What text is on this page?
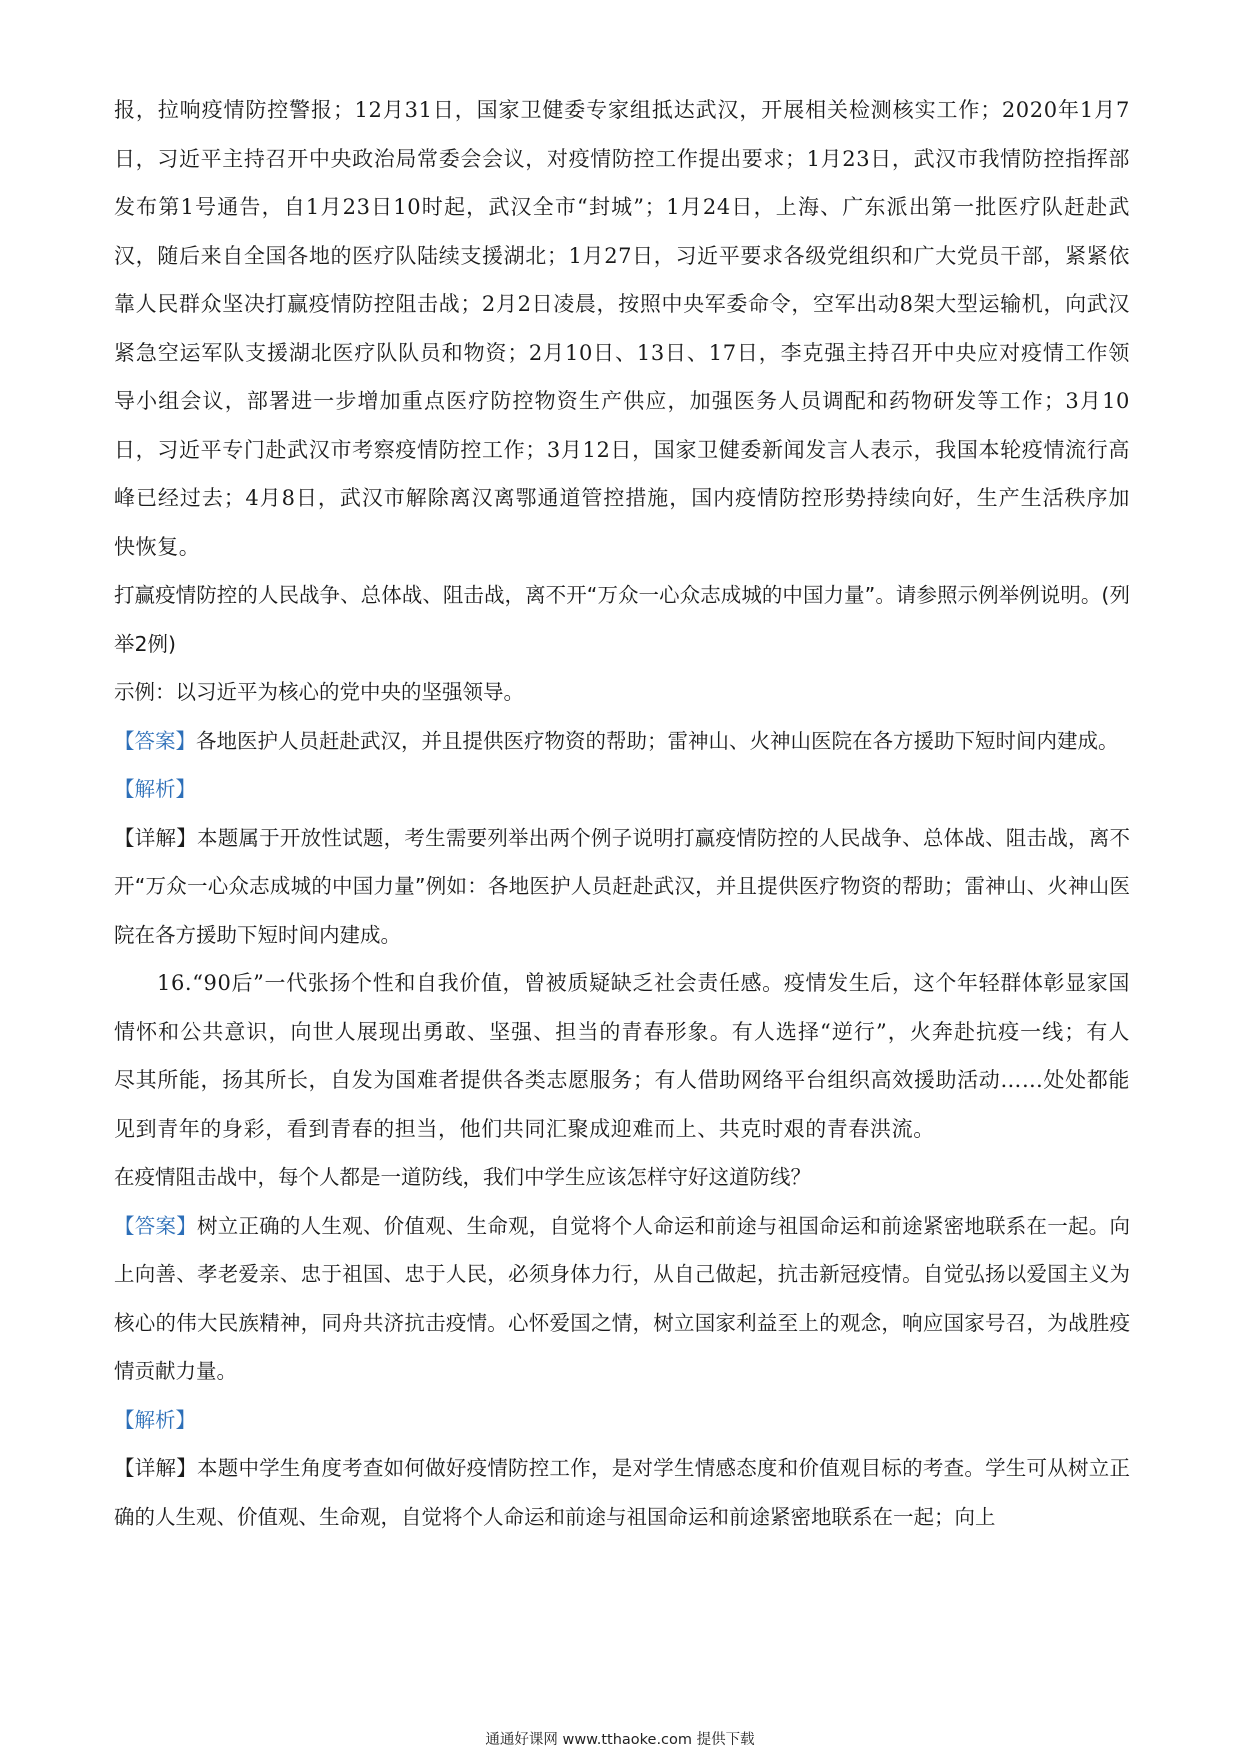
报，拉响疫情防控警报；12月31日，国家卫健委专家组抵达武汉，开展相关检测核实工作；2020年1月7日，习近平主持召开中央政治局常委会会议，对疫情防控工作提出要求；1月23日，武汉市我情防控指挥部发布第1号通告，自1月23日10时起，武汉全市“封城”；1月24日，上海、广东派出第一批医疗队赶赴武汉，随后来自全国各地的医疗队陆续支援湖北；1月27日，习近平要求各级党组织和广大党员干部，紧紧依靠人民群众坚决打赢疫情防控阻击战；2月2日凌晨，按照中央军委命令，空军出动8架大型运输机，向武汉紧急空运军队支援湖北医疗队队员和物资；2月10日、13日、17日，李克强主持召开中央应对疫情工作领导小组会议，部署进一步增加重点医疗防控物资生产供应，加强医务人员调配和药物研发等工作；3月10日，习近平专门赴武汉市考察疫情防控工作；3月12日，国家卫健委新闻发言人表示，我国本轮疫情流行高峰已经过去；4月8日，武汉市解除离汉离鄂通道管控措施，国内疫情防控形势持续向好，生产生活秩序加快恢复。

打赢疫情防控的人民战争、总体战、阻击战，离不开“万众一心众志成城的中国力量”。请参照示例举例说明。(列举2例)

示例：以习近平为核心的党中央的坚强领导。

【答案】各地医护人员赶赴武汉，并且提供医疗物资的帮助；雷神山、火神山医院在各方援助下短时间内建成。

【解析】

【详解】本题属于开放性试题，考生需要列举出两个例子说明打赢疫情防控的人民战争、总体战、阻击战，离不开“万众一心众志成城的中国力量”例如：各地医护人员赶赴武汉，并且提供医疗物资的帮助；雷神山、火神山医院在各方援助下短时间内建成。

16.“90后”一代张扬个性和自我价值，曾被质疑缺乏社会责任感。疫情发生后，这个年轻群体彰显家国情怀和公共意识，向世人展现出勇敢、坚强、担当的青春形象。有人选择“逆行”，火奔赴抗疫一线；有人尽其所能，扬其所长，自发为国难者提供各类志愿服务；有人借助网络平台组织高效援助活动……处处都能见到青年的身彩，看到青春的担当，他们共同汇聚成迎难而上、共克时艰的青春洪流。

在疫情阻击战中，每个人都是一道防线，我们中学生应该怎样守好这道防线？

【答案】树立正确的人生观、价值观、生命观，自觉将个人命运和前途与祖国命运和前途紧密地联系在一起。向上向善、孝老爱亲、忠于祖国、忠于人民，必须身体力行，从自己做起，抗击新冠疫情。自觉弘扬以爱国主义为核心的伟大民族精神，同舟共济抗击疫情。心怀爱国之情，树立国家利益至上的观念，响应国家号召，为战胜疫情贡献力量。

【解析】

【详解】本题中学生角度考查如何做好疫情防控工作，是对学生情感态度和价值观目标的考查。学生可从树立正确的人生观、价值观、生命观，自觉将个人命运和前途与祖国命运和前途紧密地联系在一起；向上

通通好课网 www.tthaoke.com 提供下载
